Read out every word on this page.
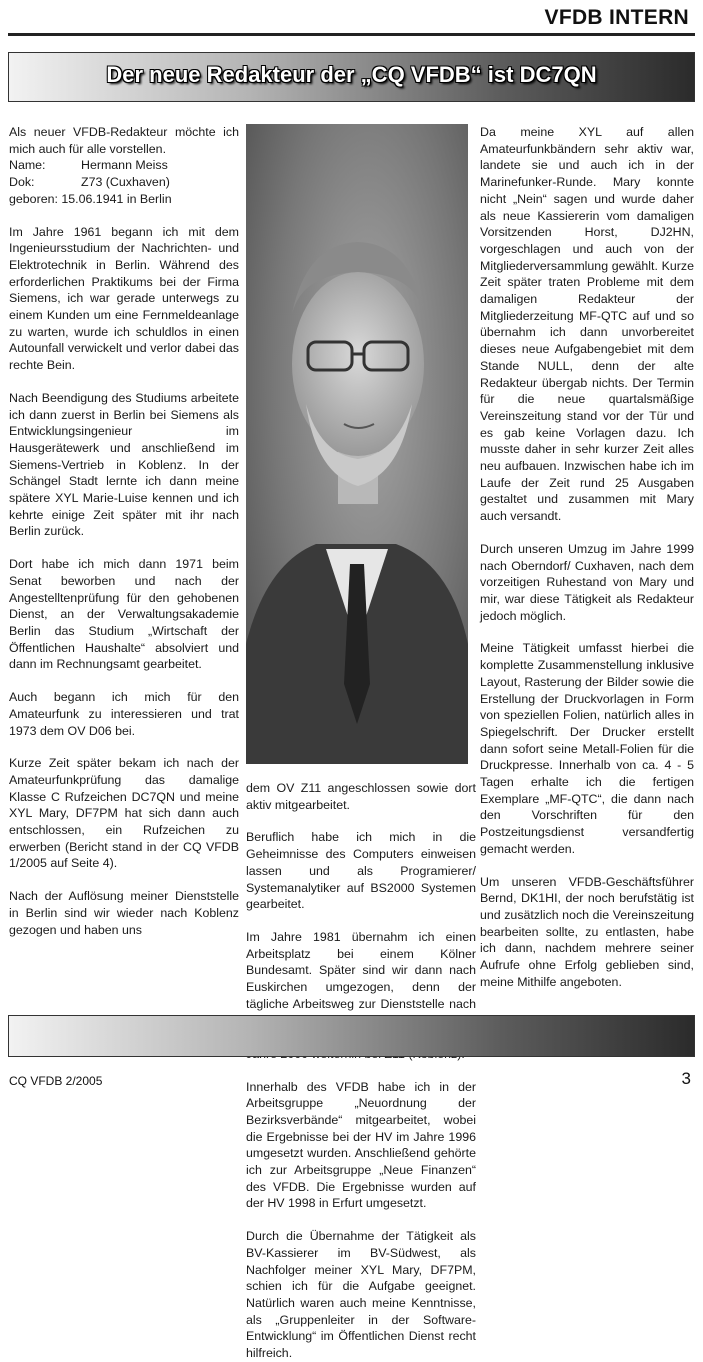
VFDB INTERN
Der neue Redakteur der „CQ VFDB“ ist DC7QN
Als neuer VFDB-Redakteur möchte ich mich auch für alle vorstellen.
Name:	Hermann Meiss
Dok:	Z73 (Cuxhaven)
geboren: 15.06.1941 in Berlin

Im Jahre 1961 begann ich mit dem Ingenieursstudium der Nachrichten- und Elektrotechnik in Berlin. Während des erforderlichen Praktikums bei der Firma Siemens, ich war gerade unterwegs zu einem Kunden um eine Fernmeldeanlage zu warten, wurde ich schuldlos in einen Autounfall verwickelt und verlor dabei das rechte Bein.

Nach Beendigung des Studiums arbeitete ich dann zuerst in Berlin bei Siemens als Entwicklungsingenieur im Hausgerätewerk und anschließend im Siemens-Vertrieb in Koblenz. In der Schängel Stadt lernte ich dann meine spätere XYL Marie-Luise kennen und ich kehrte einige Zeit später mit ihr nach Berlin zurück.

Dort habe ich mich dann 1971 beim Senat beworben und nach der Angestelltenprüfung für den gehobenen Dienst, an der Verwaltungsakademie Berlin das Studium „Wirtschaft der Öffentlichen Haushalte“ absolviert und dann im Rechnungsamt gearbeitet.

Auch begann ich mich für den Amateurfunk zu interessieren und trat 1973 dem OV D06 bei.

Kurze Zeit später bekam ich nach der Amateurfunkprüfung das damalige Klasse C Rufzeichen DC7QN und meine XYL Mary, DF7PM hat sich dann auch entschlossen, ein Rufzeichen zu erwerben (Bericht stand in der CQ VFDB 1/2005 auf Seite 4).

Nach der Auflösung meiner Dienststelle in Berlin sind wir wieder nach Koblenz gezogen und haben uns

dem OV Z11 angeschlossen sowie dort aktiv mitgearbeitet.

Beruflich habe ich mich in die Geheimnisse des Computers einweisen lassen und als Programierer/ Systemanalytiker auf BS2000 Systemen gearbeitet.

Im Jahre 1981 übernahm ich einen Arbeitsplatz bei einem Kölner Bundesamt. Später sind wir dann nach Euskirchen umgezogen, denn der tägliche Arbeitsweg zur Dienststelle nach

Innerhalb des VFDB habe ich in der Arbeitsgruppe „Neuordnung der Bezirksverbände“ mitgearbeitet, wobei die Ergebnisse bei der HV im Jahre 1996 umgesetzt wurden. Anschließend gehörte ich zur Arbeitsgruppe „Neue Finanzen“ des VFDB. Die Ergebnisse wurden auf der HV 1998 in Erfurt umgesetzt.

Durch die Übernahme der Tätigkeit als BV-Kassierer im BV-Südwest, als Nachfolger meiner XYL Mary, DF7PM, schien ich für die Aufgabe geeignet. Natürlich waren auch meine Kenntnisse, als „Gruppenleiter in der Software-Entwicklung“ im Öffentlichen Dienst recht hilfreich.

Da meine XYL auf allen Amateurfunkbändern sehr aktiv war, landete sie und auch ich in der Marinefunker-Runde. Mary konnte nicht „Nein“ sagen und wurde daher als neue Kassiererin vom damaligen Vorsitzenden Horst, DJ2HN, vorgeschlagen und auch von der Mitgliederversammlung gewählt. Kurze Zeit später traten Probleme mit dem damaligen Redakteur der Mitgliederzeitung MF-QTC auf und so übernahm ich dann unvorbereitet dieses neue Aufgabengebiet mit dem Stande NULL, denn der alte Redakteur übergab nichts. Der Termin für die neue quartalsmäßige Vereinszeitung stand vor der Tür und es gab keine Vorlagen dazu. Ich musste daher in sehr kurzer Zeit alles neu aufbauen. Inzwischen habe ich im Laufe der Zeit rund 25 Ausgaben gestaltet und zusammen mit Mary auch versandt.

Durch unseren Umzug im Jahre 1999 nach Oberndorf/ Cuxhaven, nach dem vorzeitigen Ruhestand von Mary und mir, war diese Tätigkeit als Redakteur jedoch möglich.

Meine Tätigkeit umfasst hierbei die komplette Zusammenstellung inklusive Layout, Rasterung der Bilder sowie die Erstellung der Druckvorlagen in Form von speziellen Folien, natürlich alles in Spiegelschrift. Der Drucker erstellt dann sofort seine Metall-Folien für die Druckpresse. Innerhalb von ca. 4 - 5 Tagen erhalte ich die fertigen Exemplare „MF-QTC“, die dann nach den Vorschriften für den Postzeitungsdienst versandfertig gemacht werden.

Um unseren VFDB-Geschäftsführer Bernd, DK1HI, der noch berufstätig ist und zusätzlich noch die Vereinszeitung bearbeiten sollte, zu entlasten, habe ich dann, nachdem mehrere seiner Aufrufe ohne Erfolg geblieben sind, meine Mithilfe angeboten.

CQ VFDB 2/2005	3
